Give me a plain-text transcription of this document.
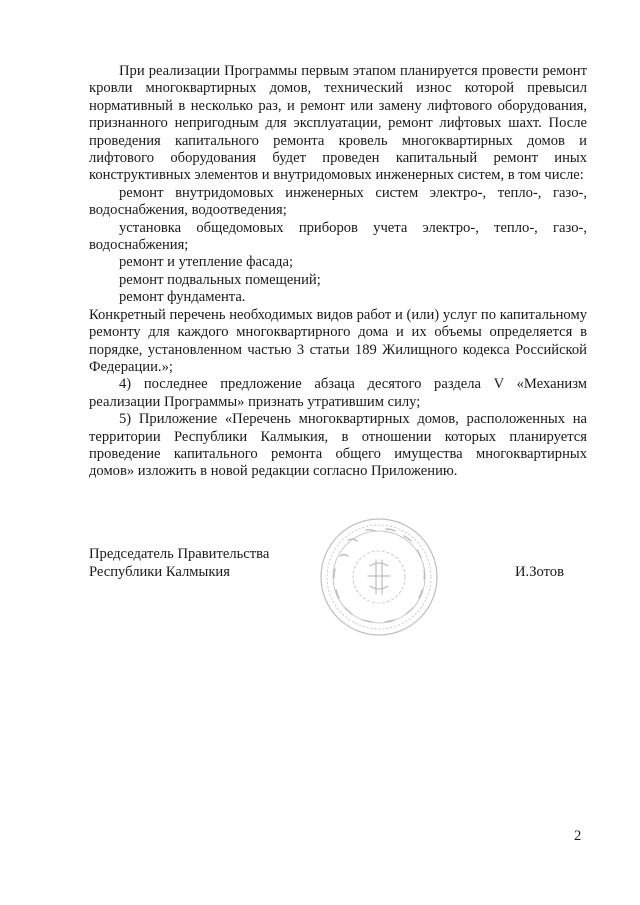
При реализации Программы первым этапом планируется провести ремонт кровли многоквартирных домов, технический износ которой превысил нормативный в несколько раз, и ремонт или замену лифтового оборудования, признанного непригодным для эксплуатации, ремонт лифтовых шахт. После проведения капитального ремонта кровель многоквартирных домов и лифтового оборудования будет проведен капитальный ремонт иных конструктивных элементов и внутридомовых инженерных систем, в том числе:

ремонт внутридомовых инженерных систем электро-, тепло-, газо-, водоснабжения, водоотведения;

установка общедомовых приборов учета электро-, тепло-, газо-, водоснабжения;

ремонт и утепление фасада;

ремонт подвальных помещений;

ремонт фундамента.

Конкретный перечень необходимых видов работ и (или) услуг по капитальному ремонту для каждого многоквартирного дома и их объемы определяется в порядке, установленном частью 3 статьи 189 Жилищного кодекса Российской Федерации.»;

4) последнее предложение абзаца десятого раздела V «Механизм реализации Программы» признать утратившим силу;

5) Приложение «Перечень многоквартирных домов, расположенных на территории Республики Калмыкия, в отношении которых планируется проведение капитального ремонта общего имущества многоквартирных домов» изложить в новой редакции согласно Приложению.

Председатель Правительства
Республики Калмыкия	И.Зотов
2
